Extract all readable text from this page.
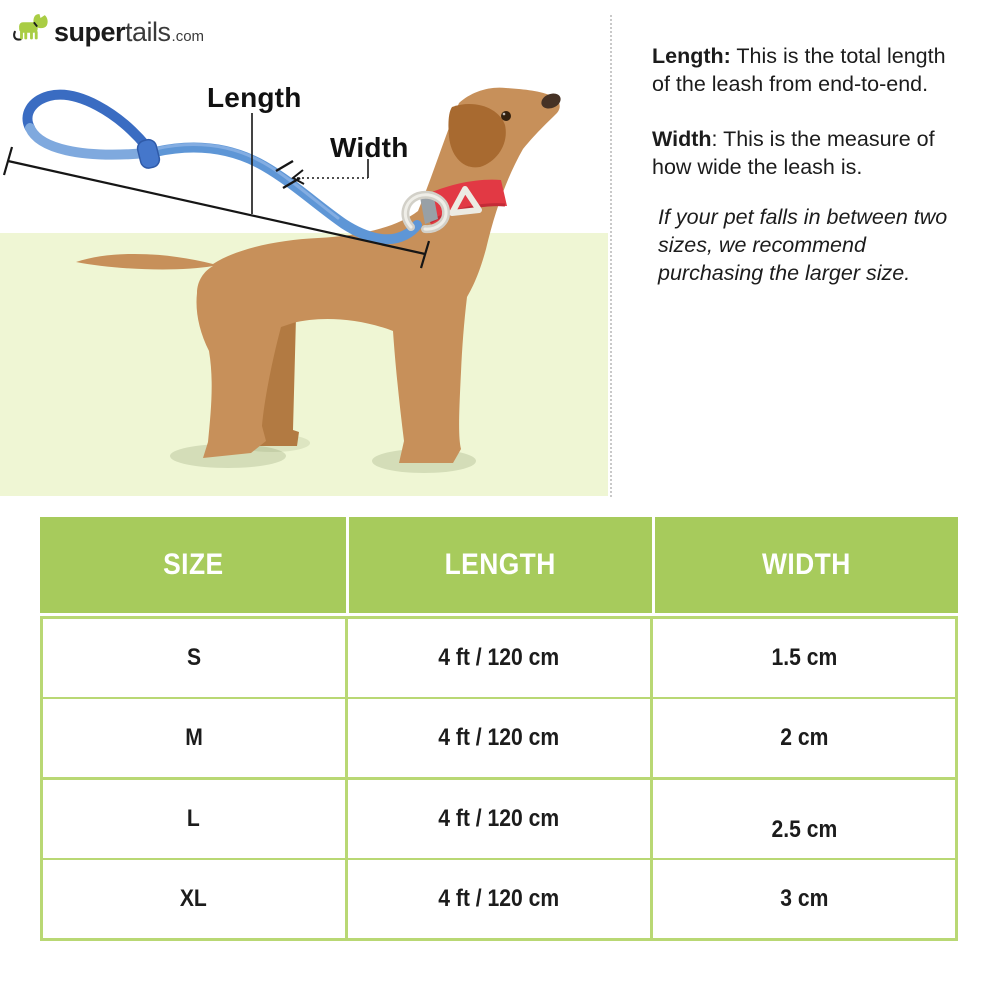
Length
Width
super tails .com

Length: This is the total length of the leash from end-to-end.

Width: This is the measure of how wide the leash is.

If your pet falls in between two sizes, we recommend purchasing the larger size.

SIZE	LENGTH	WIDTH
S	4 ft / 120 cm	1.5 cm
M	4 ft / 120 cm	2 cm
L	4 ft / 120 cm	2.5 cm
XL	4 ft / 120 cm	3 cm
